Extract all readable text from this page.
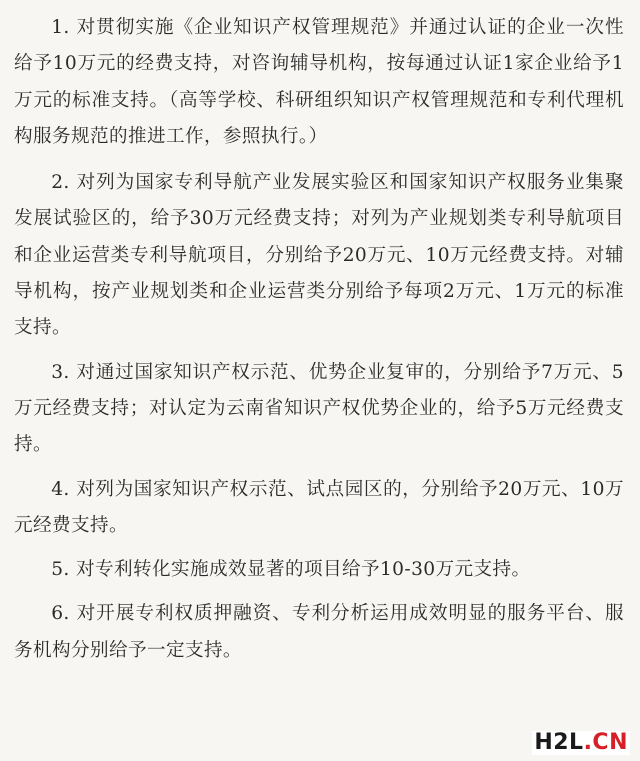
1. 对贯彻实施《企业知识产权管理规范》并通过认证的企业一次性给予10万元的经费支持，对咨询辅导机构，按每通过认证1家企业给予1万元的标准支持。（高等学校、科研组织知识产权管理规范和专利代理机构服务规范的推进工作，参照执行。）

2. 对列为国家专利导航产业发展实验区和国家知识产权服务业集聚发展试验区的，给予30万元经费支持；对列为产业规划类专利导航项目和企业运营类专利导航项目，分别给予20万元、10万元经费支持。对辅导机构，按产业规划类和企业运营类分别给予每项2万元、1万元的标准支持。

3. 对通过国家知识产权示范、优势企业复审的，分别给予7万元、5万元经费支持；对认定为云南省知识产权优势企业的，给予5万元经费支持。

4. 对列为国家知识产权示范、试点园区的，分别给予20万元、10万元经费支持。

5. 对专利转化实施成效显著的项目给予10-30万元支持。

6. 对开展专利权质押融资、专利分析运用成效明显的服务平台、服务机构分别给予一定支持。

H2L.CN
